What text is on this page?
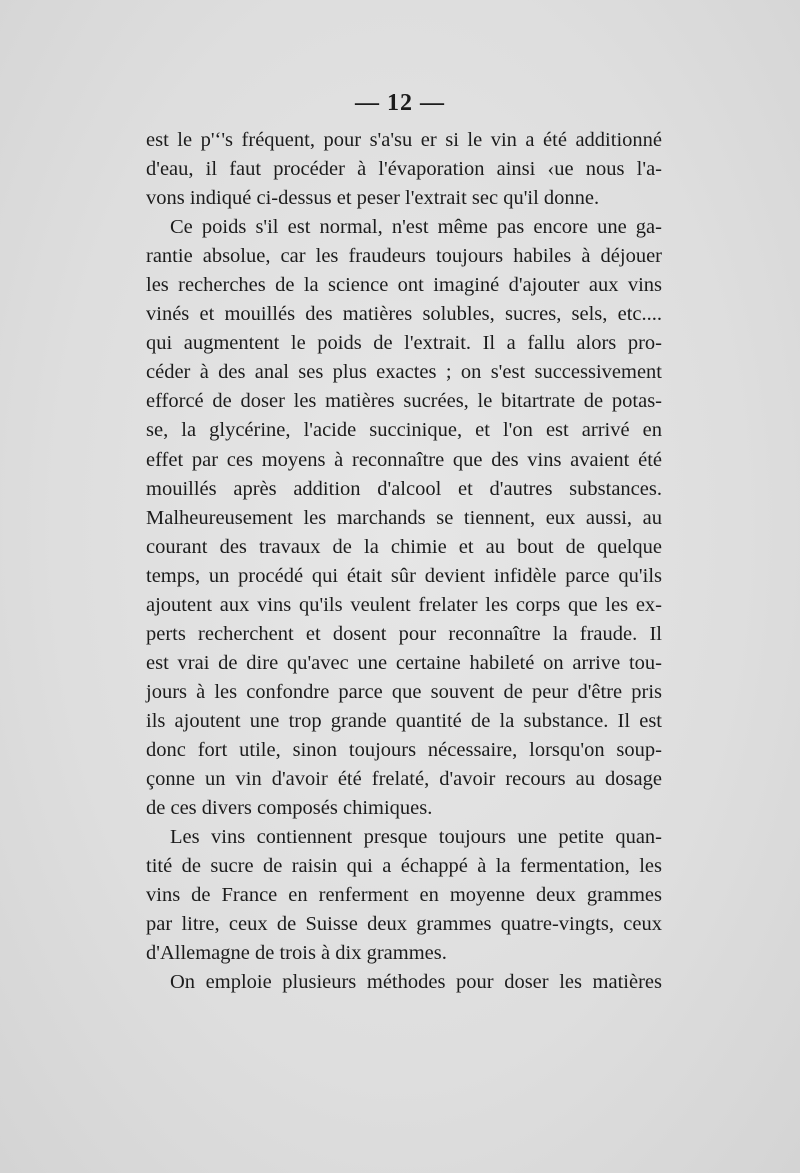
— 12 —
est le p'‘'s fréquent, pour s'a'su er si le vin a été additionné
d'eau, il faut procéder à l'évaporation ainsi ‹ue nous l'a-
vons indiqué ci-dessus et peser l'extrait sec qu'il donne.
Ce poids s'il est normal, n'est même pas encore une ga-
rantie absolue, car les fraudeurs toujours habiles à déjouer
les recherches de la science ont imaginé d'ajouter aux vins
vinés et mouillés des matières solubles, sucres, sels, etc....
qui augmentent le poids de l'extrait. Il a fallu alors pro-
céder à des anal ses plus exactes ; on s'est successivement
efforcé de doser les matières sucrées, le bitartrate de potas-
se, la glycérine, l'acide succinique, et l'on est arrivé en
effet par ces moyens à reconnaître que des vins avaient été
mouillés après addition d'alcool et d'autres substances.
Malheureusement les marchands se tiennent, eux aussi, au
courant des travaux de la chimie et au bout de quelque
temps, un procédé qui était sûr devient infidèle parce qu'ils
ajoutent aux vins qu'ils veulent frelater les corps que les ex-
perts recherchent et dosent pour reconnaître la fraude. Il
est vrai de dire qu'avec une certaine habileté on arrive tou-
jours à les confondre parce que souvent de peur d'être pris
ils ajoutent une trop grande quantité de la substance. Il est
donc fort utile, sinon toujours nécessaire, lorsqu'on soup-
çonne un vin d'avoir été frelaté, d'avoir recours au dosage
de ces divers composés chimiques.
Les vins contiennent presque toujours une petite quan-
tité de sucre de raisin qui a échappé à la fermentation, les
vins de France en renferment en moyenne deux grammes
par litre, ceux de Suisse deux grammes quatre-vingts, ceux
d'Allemagne de trois à dix grammes.
On emploie plusieurs méthodes pour doser les matières
